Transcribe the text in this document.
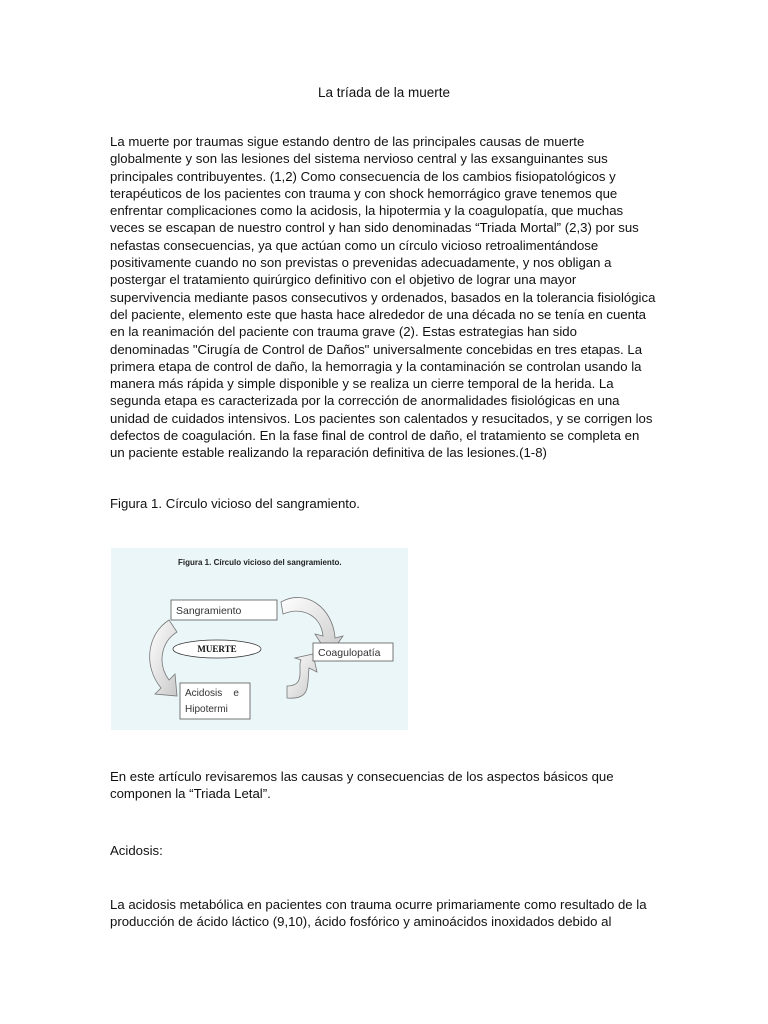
La tríada de la muerte

La muerte por traumas sigue estando dentro de las principales causas de muerte globalmente y son las lesiones del sistema nervioso central y las exsanguinantes sus principales contribuyentes. (1,2) Como consecuencia de los cambios fisiopatológicos y terapéuticos de los pacientes con trauma y con shock hemorrágico grave tenemos que enfrentar complicaciones como la acidosis, la hipotermia y la coagulopatía, que muchas veces se escapan de nuestro control y han sido denominadas “Triada Mortal” (2,3) por sus nefastas consecuencias, ya que actúan como un círculo vicioso retroalimentándose positivamente cuando no son previstas o prevenidas adecuadamente, y nos obligan a postergar el tratamiento quirúrgico definitivo con el objetivo de lograr una mayor supervivencia mediante pasos consecutivos y ordenados, basados en la tolerancia fisiológica del paciente, elemento este que hasta hace alrededor de una década no se tenía en cuenta en la reanimación del paciente con trauma grave (2). Estas estrategias han sido denominadas "Cirugía de Control de Daños" universalmente concebidas en tres etapas. La primera etapa de control de daño, la hemorragia y la contaminación se controlan usando la manera más rápida y simple disponible y se realiza un cierre temporal de la herida. La segunda etapa es caracterizada por la corrección de anormalidades fisiológicas en una unidad de cuidados intensivos. Los pacientes son calentados y resucitados, y se corrigen los defectos de coagulación. En la fase final de control de daño, el tratamiento se completa en un paciente estable realizando la reparación definitiva de las lesiones.(1-8)

Figura 1. Círculo vicioso del sangramiento.
Figura 1. Círculo vicioso del sangramiento.
Sangramiento
MUERTE	Coagulopatía
Acidosis    e
Hipotermi

En este artículo revisaremos las causas y consecuencias de los aspectos básicos que componen la “Triada Letal”.

Acidosis:

La acidosis metabólica en pacientes con trauma ocurre primariamente como resultado de la producción de ácido láctico (9,10), ácido fosfórico y aminoácidos inoxidados debido al
